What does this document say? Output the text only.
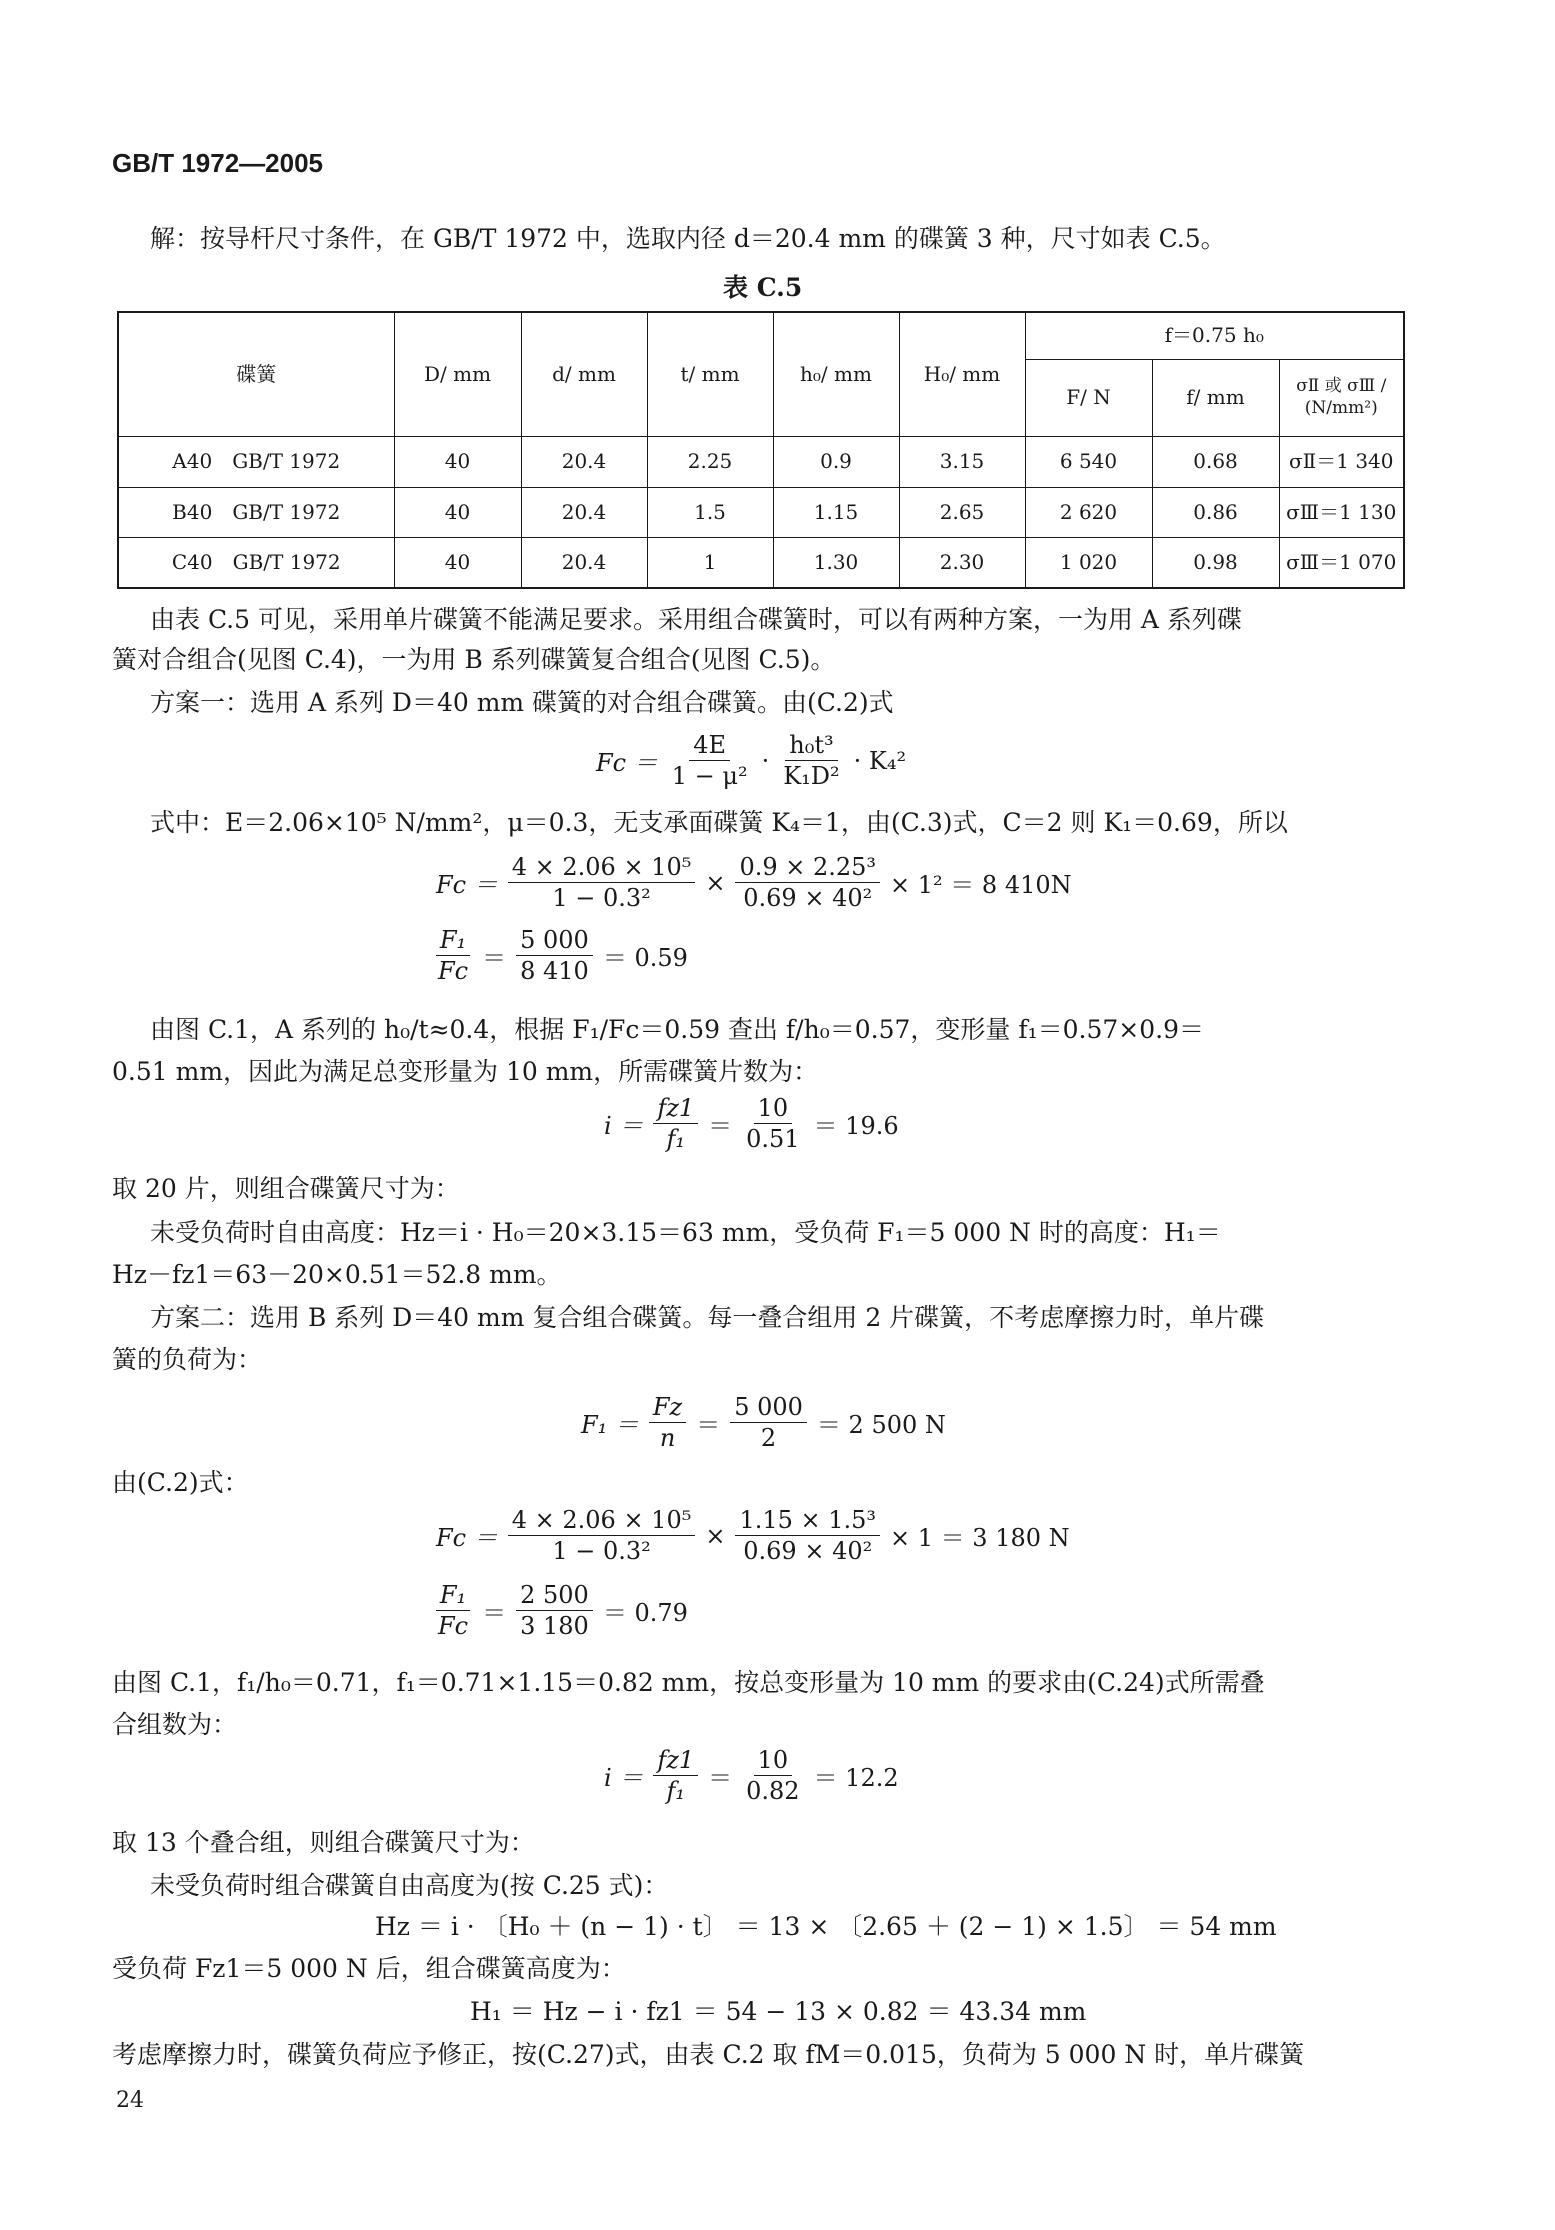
GB/T 1972—2005
解：按导杆尺寸条件，在 GB/T 1972 中，选取内径 d＝20.4 mm 的碟簧 3 种，尺寸如表 C.5。
表 C.5
碟簧	D/ mm	d/ mm	t/ mm	h₀/ mm	H₀/ mm	f＝0.75 h₀		
						F/ N	f/ mm	σⅡ 或 σⅢ / (N/mm²)
A40　GB/T 1972	40	20.4	2.25	0.9	3.15	6 540	0.68	σⅡ＝1 340
B40　GB/T 1972	40	20.4	1.5	1.15	2.65	2 620	0.86	σⅢ＝1 130
C40　GB/T 1972	40	20.4	1	1.30	2.30	1 020	0.98	σⅢ＝1 070
由表 C.5 可见，采用单片碟簧不能满足要求。采用组合碟簧时，可以有两种方案，一为用 A 系列碟
簧对合组合(见图 C.4)，一为用 B 系列碟簧复合组合(见图 C.5)。
方案一：选用 A 系列 D＝40 mm 碟簧的对合组合碟簧。由(C.2)式
$Fc = \frac{4E}{\text{1 − μ²}} \cdot \frac{\text{h₀t³}}{\text{K₁D²}} \cdot K_4^2$
式中：E＝2.06×10⁵ N/mm²，μ＝0.3，无支承面碟簧 K₄＝1，由(C.3)式，C＝2 则 K₁＝0.69，所以
$Fc = \frac{\text{4 × 2.06 × 10⁵}}{\text{1 − 0.3²}} \times \frac{\text{0.9 × 2.25³}}{\text{0.69 × 40²}} \times 1^2 = 8$ 410N
$\frac{\text{F₁}}{Fc} = \frac{5 000}{8 410} = 0.59$
由图 C.1，A 系列的 h₀/t≈0.4，根据 F₁/Fc＝0.59 查出 f/h₀＝0.57，变形量 f₁＝0.57×0.9＝
0.51 mm，因此为满足总变形量为 10 mm，所需碟簧片数为：
$i = \frac{fz1}{\text{f₁}} = \frac{10}{0.51} = 19.6$
取 20 片，则组合碟簧尺寸为：
未受负荷时自由高度：Hz＝i · H₀＝20×3.15＝63 mm，受负荷 F₁＝5 000 N 时的高度：H₁＝
Hz－fz1＝63－20×0.51＝52.8 mm。
方案二：选用 B 系列 D＝40 mm 复合组合碟簧。每一叠合组用 2 片碟簧，不考虑摩擦力时，单片碟
簧的负荷为：
$F_1 = \frac{Fz}{n} = \frac{5 000}{2} = 2$ 500 N
由(C.2)式：
$Fc = \frac{\text{4 × 2.06 × 10⁵}}{\text{1 − 0.3²}} \times \frac{\text{1.15 × 1.5³}}{\text{0.69 × 40²}} \times 1 = 3$ 180 N
$\frac{\text{F₁}}{Fc} = \frac{2 500}{3 180} = 0.79$
由图 C.1，f₁/h₀＝0.71，f₁＝0.71×1.15＝0.82 mm，按总变形量为 10 mm 的要求由(C.24)式所需叠
合组数为：
$i = \frac{fz1}{\text{f₁}} = \frac{10}{0.82} = 12.2$
取 13 个叠合组，则组合碟簧尺寸为：
未受负荷时组合碟簧自由高度为(按 C.25 式)：
Hz ＝ i · 〔H₀ ＋ (n − 1) · t〕 ＝ 13 × 〔2.65 ＋ (2 − 1) × 1.5〕 ＝ 54 mm
受负荷 Fz1＝5 000 N 后，组合碟簧高度为：
H₁ ＝ Hz − i · fz1 ＝ 54 − 13 × 0.82 ＝ 43.34 mm
考虑摩擦力时，碟簧负荷应予修正，按(C.27)式，由表 C.2 取 fM＝0.015，负荷为 5 000 N 时，单片碟簧
24
